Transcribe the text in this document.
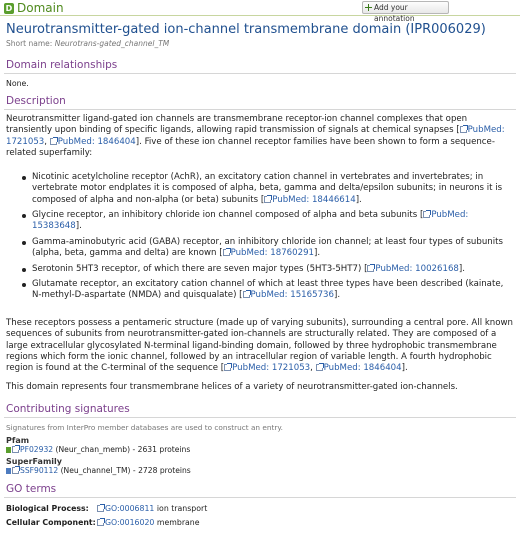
D Domain	Add your annotation
Neurotransmitter-gated ion-channel transmembrane domain (IPR006029)
Short name: Neurotrans-gated_channel_TM
Domain relationships
None.
Description
Neurotransmitter ligand-gated ion channels are transmembrane receptor-ion channel complexes that open transiently upon binding of specific ligands, allowing rapid transmission of signals at chemical synapses [ PubMed: 1721053, PubMed: 1846404]. Five of these ion channel receptor families have been shown to form a sequence-related superfamily:
Nicotinic acetylcholine receptor (AchR), an excitatory cation channel in vertebrates and invertebrates; in vertebrate motor endplates it is composed of alpha, beta, gamma and delta/epsilon subunits; in neurons it is composed of alpha and non-alpha (or beta) subunits [ PubMed: 18446614].
Glycine receptor, an inhibitory chloride ion channel composed of alpha and beta subunits [ PubMed: 15383648].
Gamma-aminobutyric acid (GABA) receptor, an inhibitory chloride ion channel; at least four types of subunits (alpha, beta, gamma and delta) are known [ PubMed: 18760291].
Serotonin 5HT3 receptor, of which there are seven major types (5HT3-5HT7) [ PubMed: 10026168].
Glutamate receptor, an excitatory cation channel of which at least three types have been described (kainate, N-methyl-D-aspartate (NMDA) and quisqualate) [ PubMed: 15165736].
These receptors possess a pentameric structure (made up of varying subunits), surrounding a central pore. All known sequences of subunits from neurotransmitter-gated ion-channels are structurally related. They are composed of a large extracellular glycosylated N-terminal ligand-binding domain, followed by three hydrophobic transmembrane regions which form the ionic channel, followed by an intracellular region of variable length. A fourth hydrophobic region is found at the C-terminal of the sequence [ PubMed: 1721053, PubMed: 1846404].
This domain represents four transmembrane helices of a variety of neurotransmitter-gated ion-channels.
Contributing signatures
Signatures from InterPro member databases are used to construct an entry.
Pfam
PF02932 (Neur_chan_memb) - 2631 proteins
SuperFamily
SSF90112 (Neu_channel_TM) - 2728 proteins
GO terms
Biological Process: GO:0006811 ion transport
Cellular Component: GO:0016020 membrane
